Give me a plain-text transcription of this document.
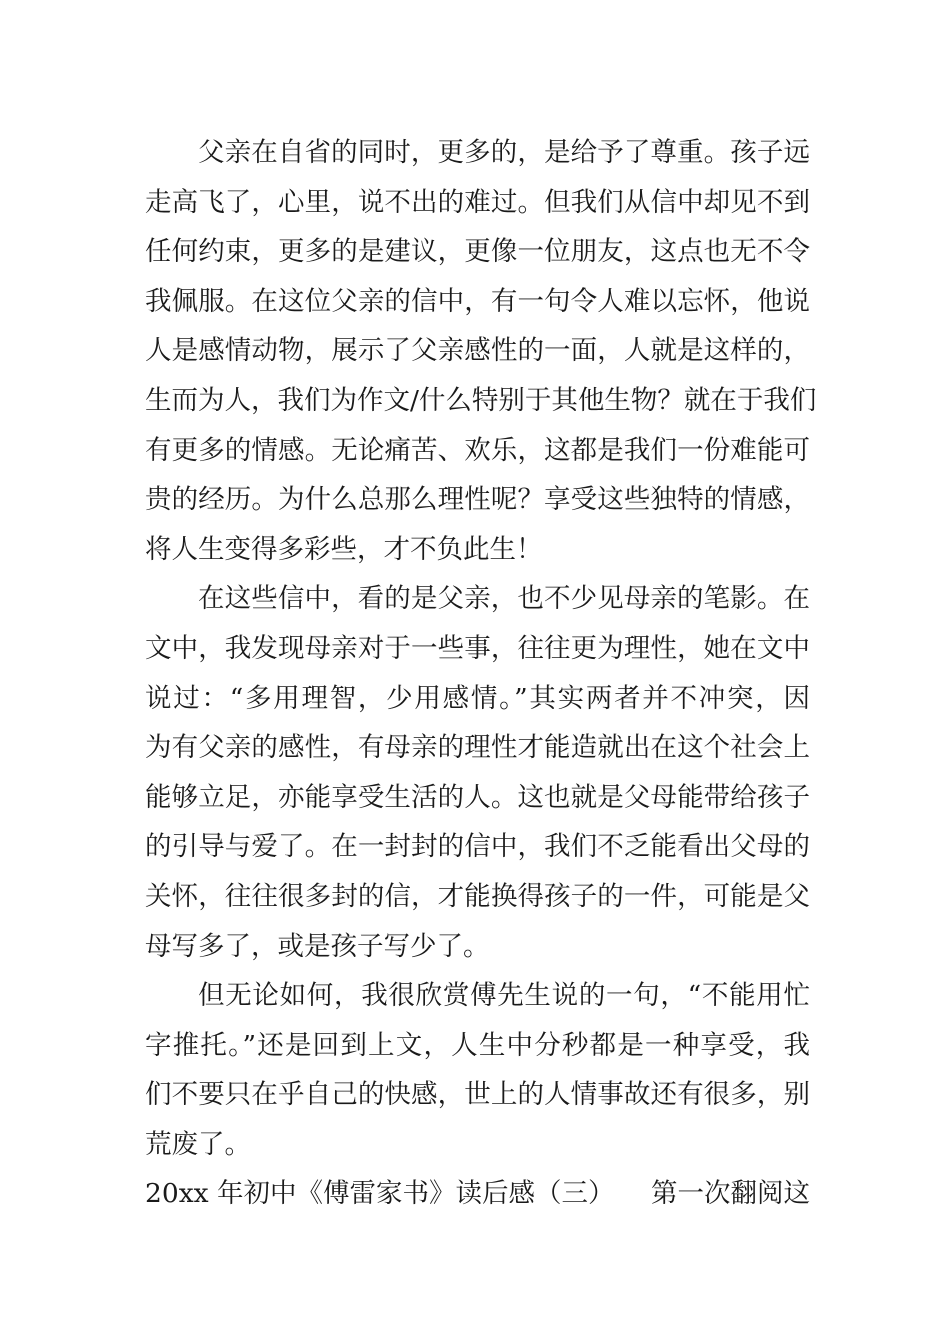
父亲在自省的同时，更多的，是给予了尊重。孩子远
走高飞了，心里，说不出的难过。但我们从信中却见不到
任何约束，更多的是建议，更像一位朋友，这点也无不令
我佩服。在这位父亲的信中，有一句令人难以忘怀，他说
人是感情动物，展示了父亲感性的一面，人就是这样的，
生而为人，我们为作文/什么特别于其他生物？就在于我们
有更多的情感。无论痛苦、欢乐，这都是我们一份难能可
贵的经历。为什么总那么理性呢？享受这些独特的情感，
将人生变得多彩些，才不负此生！
在这些信中，看的是父亲，也不少见母亲的笔影。在
文中，我发现母亲对于一些事，往往更为理性，她在文中
说过：“多用理智，少用感情。”其实两者并不冲突，因
为有父亲的感性，有母亲的理性才能造就出在这个社会上
能够立足，亦能享受生活的人。这也就是父母能带给孩子
的引导与爱了。在一封封的信中，我们不乏能看出父母的
关怀，往往很多封的信，才能换得孩子的一件，可能是父
母写多了，或是孩子写少了。
但无论如何，我很欣赏傅先生说的一句，“不能用忙
字推托。”还是回到上文，人生中分秒都是一种享受，我
们不要只在乎自己的快感，世上的人情事故还有很多，别
荒废了。
20xx 年初中《傅雷家书》读后感（三） 第一次翻阅这
